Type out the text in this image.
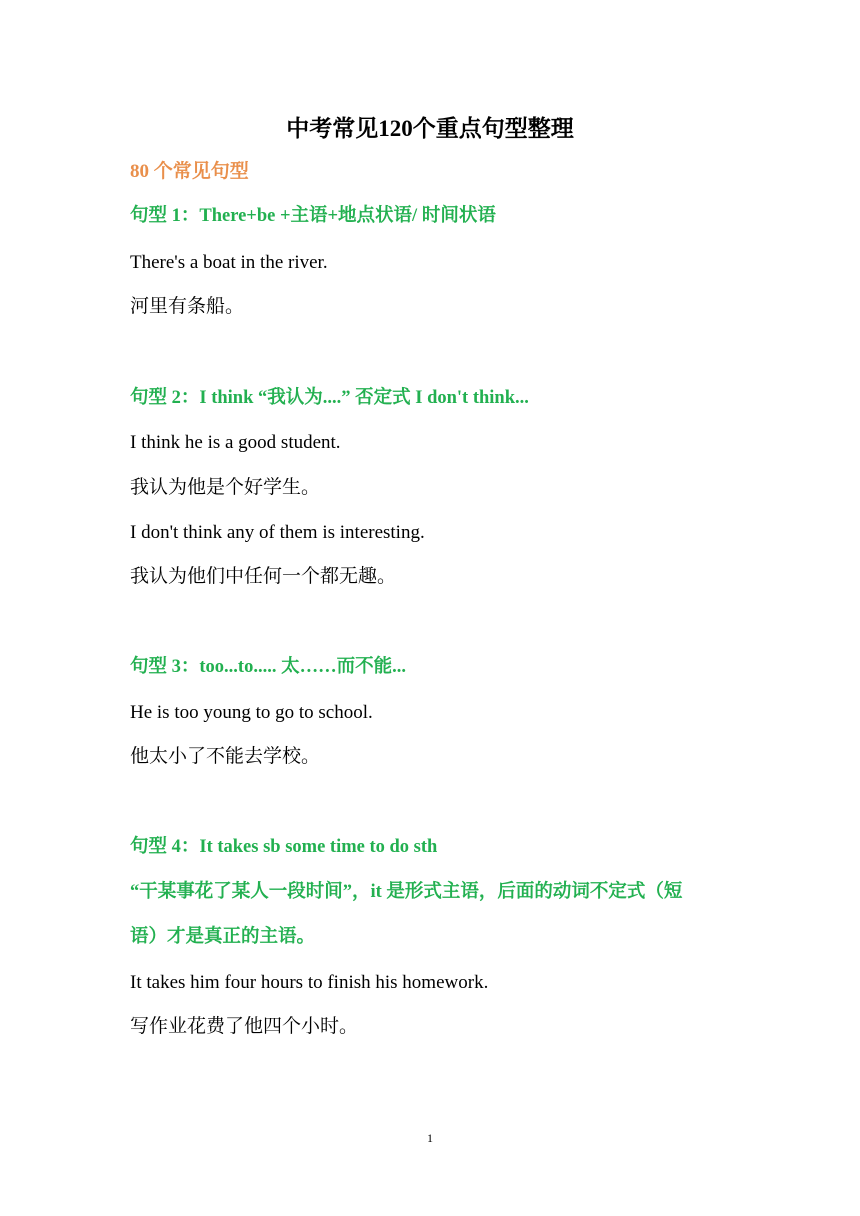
中考常见120个重点句型整理
80 个常见句型
句型 1：There+be +主语+地点状语/ 时间状语
There's a boat in the river.
河里有条船。
句型 2：I think “我认为....” 否定式 I don't think...
I think he is a good student.
我认为他是个好学生。
I don't think any of them is interesting.
我认为他们中任何一个都无趣。
句型 3：too...to..... 太……而不能...
He is too young to go to school.
他太小了不能去学校。
句型 4：It takes sb some time to do sth
“干某事花了某人一段时间”，it 是形式主语，后面的动词不定式（短
语）才是真正的主语。
It takes him four hours to finish his homework.
写作业花费了他四个小时。
1
